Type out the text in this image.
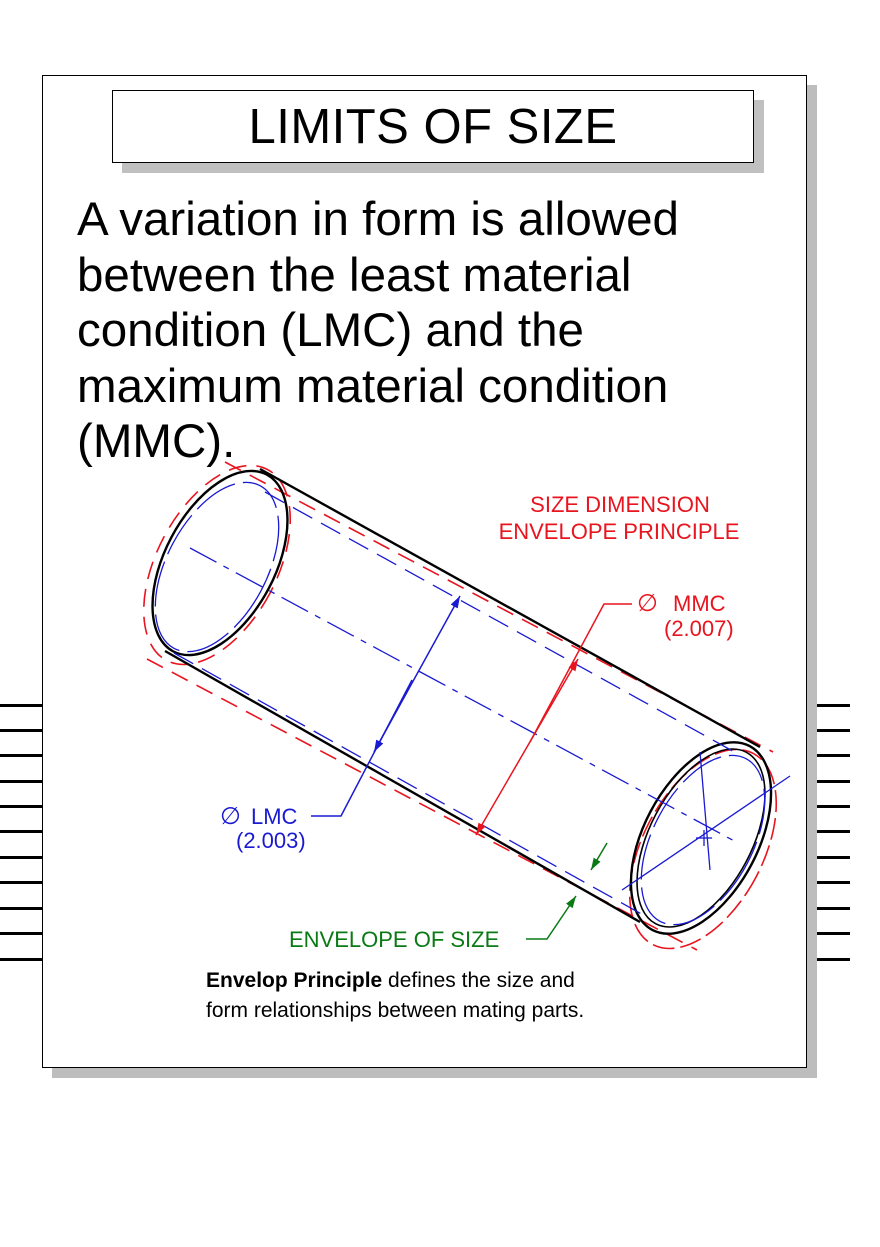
LIMITS OF SIZE

A variation in form is allowed between the least material condition (LMC) and the maximum material condition (MMC).

SIZE DIMENSION
ENVELOPE PRINCIPLE
∅ MMC
(2.007)
∅ LMC
(2.003)
ENVELOPE OF SIZE

Envelop Principle defines the size and form relationships between mating parts.
